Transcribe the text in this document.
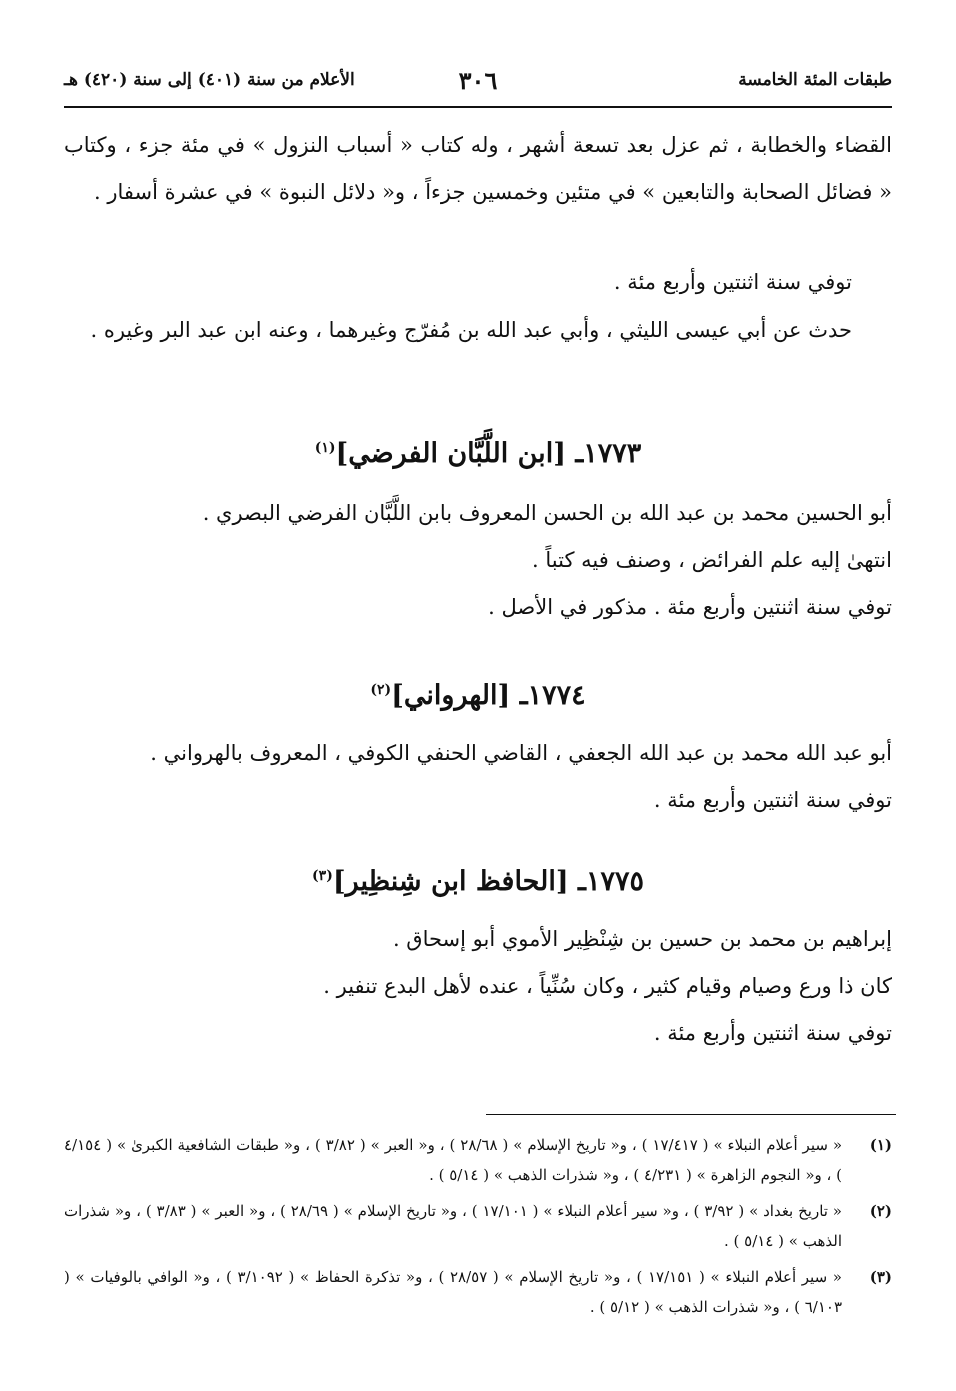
طبقات المئة الخامسة
٣٠٦
الأعلام من سنة (٤٠١) إلى سنة (٤٢٠) هـ

القضاء والخطابة ، ثم عزل بعد تسعة أشهر ، وله كتاب « أسباب النزول » في مئة جزء ، وكتاب « فضائل الصحابة والتابعين » في متئين وخمسين جزءاً ، و« دلائل النبوة » في عشرة أسفار .

توفي سنة اثنتين وأربع مئة .

حدث عن أبي عيسى الليثي ، وأبي عبد الله بن مُفرّج وغيرهما ، وعنه ابن عبد البر وغيره .

١٧٧٣ـ [ابن اللَّبَّان الفرضي]$^{(١)}$

أبو الحسين محمد بن عبد الله بن الحسن المعروف بابن اللَّبَّان الفرضي البصري .

انتهىٰ إليه علم الفرائض ، وصنف فيه كتباً .

توفي سنة اثنتين وأربع مئة . مذكور في الأصل .

١٧٧٤ـ [الهرواني]$^{(٢)}$

أبو عبد الله محمد بن عبد الله الجعفي ، القاضي الحنفي الكوفي ، المعروف بالهرواني .

توفي سنة اثنتين وأربع مئة .

١٧٧٥ـ [الحافظ ابن شِنظِير]$^{(٣)}$

إبراهيم بن محمد بن حسين بن شِنْظِير الأموي أبو إسحاق .

كان ذا ورع وصيام وقيام كثير ، وكان سُنِّياً ، عنده لأهل البدع تنفير .

توفي سنة اثنتين وأربع مئة .

(١)
« سير أعلام النبلاء » ( ١٧/٤١٧ ) ، و« تاريخ الإسلام » ( ٢٨/٦٨ ) ، و« العبر » ( ٣/٨٢ ) ، و« طبقات الشافعية الكبرىٰ » ( ٤/١٥٤ ) ، و« النجوم الزاهرة » ( ٤/٢٣١ ) ، و« شذرات الذهب » ( ٥/١٤ ) .

(٢)
« تاريخ بغداد » ( ٣/٩٢ ) ، و« سير أعلام النبلاء » ( ١٧/١٠١ ) ، و« تاريخ الإسلام » ( ٢٨/٦٩ ) ، و« العبر » ( ٣/٨٣ ) ، و« شذرات الذهب » ( ٥/١٤ ) .

(٣)
« سير أعلام النبلاء » ( ١٧/١٥١ ) ، و« تاريخ الإسلام » ( ٢٨/٥٧ ) ، و« تذكرة الحفاظ » ( ٣/١٠٩٢ ) ، و« الوافي بالوفيات » ( ٦/١٠٣ ) ، و« شذرات الذهب » ( ٥/١٢ ) .
